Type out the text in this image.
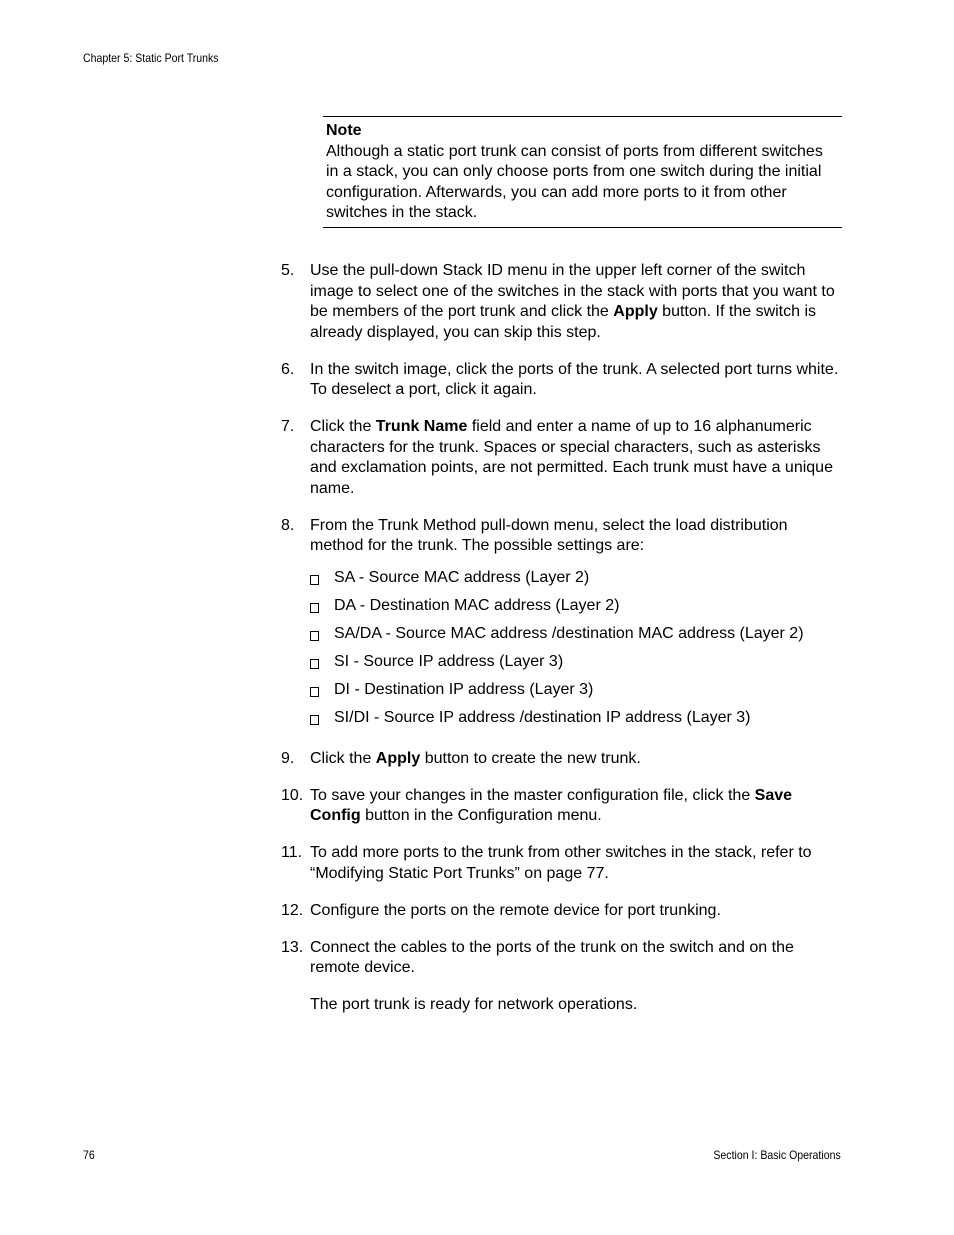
Chapter 5: Static Port Trunks
Note
Although a static port trunk can consist of ports from different switches in a stack, you can only choose ports from one switch during the initial configuration. Afterwards, you can add more ports to it from other switches in the stack.
5. Use the pull-down Stack ID menu in the upper left corner of the switch image to select one of the switches in the stack with ports that you want to be members of the port trunk and click the Apply button. If the switch is already displayed, you can skip this step.
6. In the switch image, click the ports of the trunk. A selected port turns white. To deselect a port, click it again.
7. Click the Trunk Name field and enter a name of up to 16 alphanumeric characters for the trunk. Spaces or special characters, such as asterisks and exclamation points, are not permitted. Each trunk must have a unique name.
8. From the Trunk Method pull-down menu, select the load distribution method for the trunk. The possible settings are:
SA - Source MAC address (Layer 2)
DA - Destination MAC address (Layer 2)
SA/DA - Source MAC address /destination MAC address (Layer 2)
SI - Source IP address (Layer 3)
DI - Destination IP address (Layer 3)
SI/DI - Source IP address /destination IP address (Layer 3)
9. Click the Apply button to create the new trunk.
10. To save your changes in the master configuration file, click the Save Config button in the Configuration menu.
11. To add more ports to the trunk from other switches in the stack, refer to “Modifying Static Port Trunks” on page 77.
12. Configure the ports on the remote device for port trunking.
13. Connect the cables to the ports of the trunk on the switch and on the remote device.
The port trunk is ready for network operations.
76	Section I: Basic Operations
